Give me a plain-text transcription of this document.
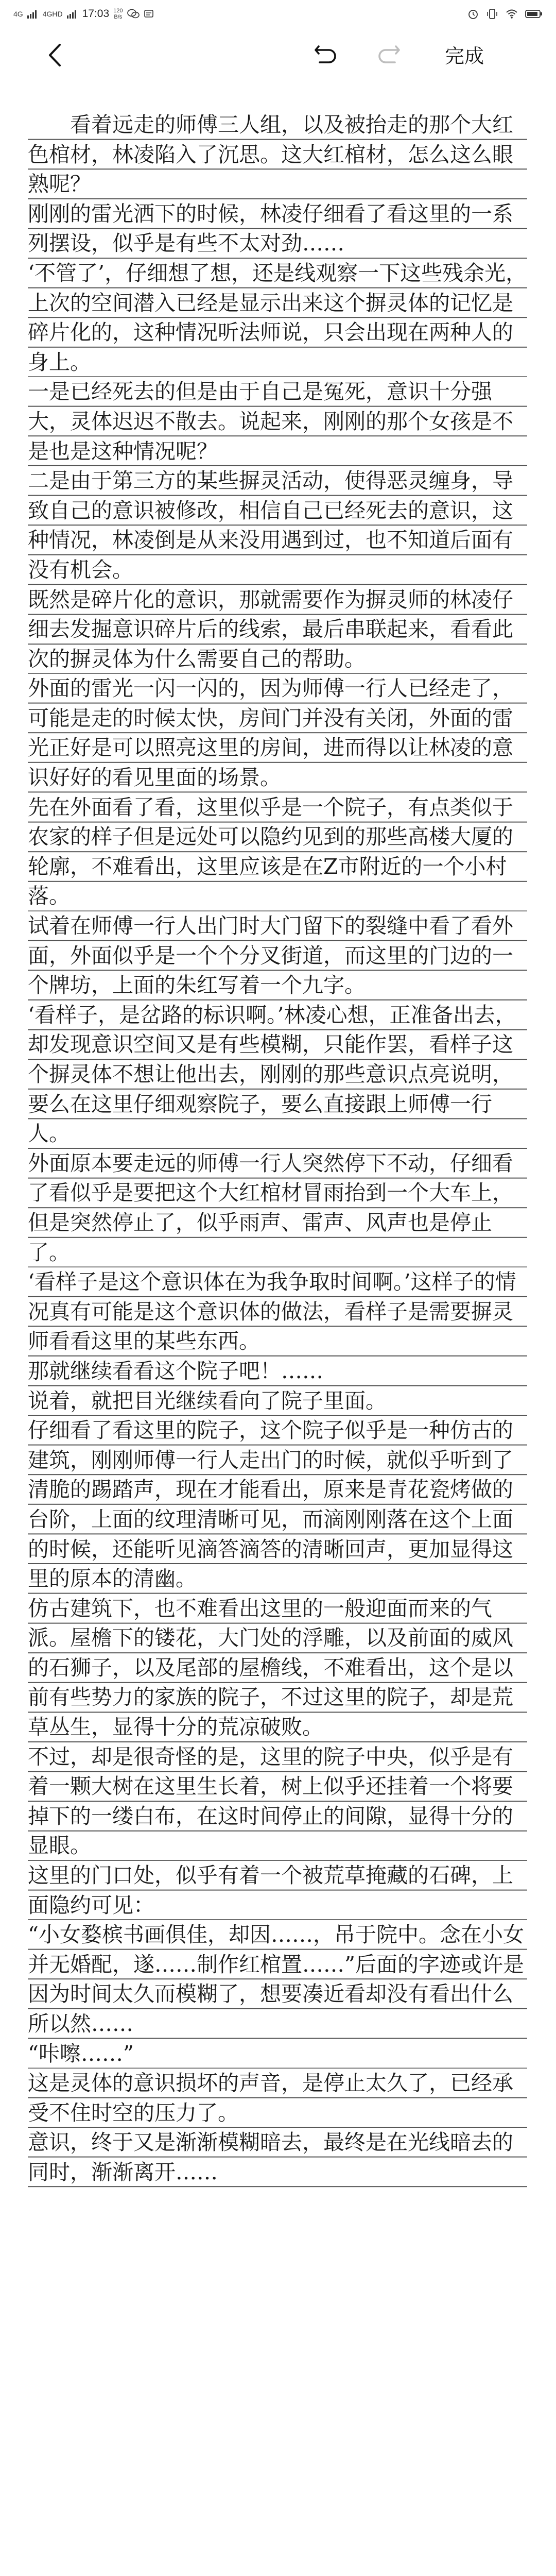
4G	4GHD 17:03 120
B/s
完成

看着远走的师傅三人组，以及被抬走的那个大红色棺材，林凌陷入了沉思。这大红棺材，怎么这么眼熟呢？

刚刚的雷光洒下的时候，林凌仔细看了看这里的一系列摆设，似乎是有些不太对劲……

‘不管了’，仔细想了想，还是线观察一下这些残余光，上次的空间潜入已经是显示出来这个摒灵体的记忆是碎片化的，这种情况听法师说，只会出现在两种人的身上。

一是已经死去的但是由于自己是冤死，意识十分强大，灵体迟迟不散去。说起来，刚刚的那个女孩是不是也是这种情况呢？

二是由于第三方的某些摒灵活动，使得恶灵缠身，导致自己的意识被修改，相信自己已经死去的意识，这种情况，林凌倒是从来没用遇到过，也不知道后面有没有机会。

既然是碎片化的意识，那就需要作为摒灵师的林凌仔细去发掘意识碎片后的线索，最后串联起来，看看此次的摒灵体为什么需要自己的帮助。

外面的雷光一闪一闪的，因为师傅一行人已经走了，可能是走的时候太快，房间门并没有关闭，外面的雷光正好是可以照亮这里的房间，进而得以让林凌的意识好好的看见里面的场景。

先在外面看了看，这里似乎是一个院子，有点类似于农家的样子但是远处可以隐约见到的那些高楼大厦的轮廓，不难看出，这里应该是在Z市附近的一个小村落。

试着在师傅一行人出门时大门留下的裂缝中看了看外面，外面似乎是一个个分叉街道，而这里的门边的一个牌坊，上面的朱红写着一个九字。

‘看样子，是岔路的标识啊。’林凌心想，正准备出去，却发现意识空间又是有些模糊，只能作罢，看样子这个摒灵体不想让他出去，刚刚的那些意识点亮说明，要么在这里仔细观察院子，要么直接跟上师傅一行人。

外面原本要走远的师傅一行人突然停下不动，仔细看了看似乎是要把这个大红棺材冒雨抬到一个大车上，但是突然停止了，似乎雨声、雷声、风声也是停止了。

‘看样子是这个意识体在为我争取时间啊。’这样子的情况真有可能是这个意识体的做法，看样子是需要摒灵师看看这里的某些东西。

那就继续看看这个院子吧！……

说着，就把目光继续看向了院子里面。

仔细看了看这里的院子，这个院子似乎是一种仿古的建筑，刚刚师傅一行人走出门的时候，就似乎听到了清脆的踢踏声，现在才能看出，原来是青花瓷烤做的台阶，上面的纹理清晰可见，而滴刚刚落在这个上面的时候，还能听见滴答滴答的清晰回声，更加显得这里的原本的清幽。

仿古建筑下，也不难看出这里的一般迎面而来的气派。屋檐下的镂花，大门处的浮雕，以及前面的威风的石狮子，以及尾部的屋檐线，不难看出，这个是以前有些势力的家族的院子，不过这里的院子，却是荒草丛生，显得十分的荒凉破败。

不过，却是很奇怪的是，这里的院子中央，似乎是有着一颗大树在这里生长着，树上似乎还挂着一个将要掉下的一缕白布，在这时间停止的间隙，显得十分的显眼。

这里的门口处，似乎有着一个被荒草掩藏的石碑，上面隐约可见：

“小女婺槟书画俱佳，却因……，吊于院中。念在小女并无婚配，遂……制作红棺置……”后面的字迹或许是因为时间太久而模糊了，想要凑近看却没有看出什么所以然……

“咔嚓……”

这是灵体的意识损坏的声音，是停止太久了，已经承受不住时空的压力了。

意识，终于又是渐渐模糊暗去，最终是在光线暗去的同时，渐渐离开……
